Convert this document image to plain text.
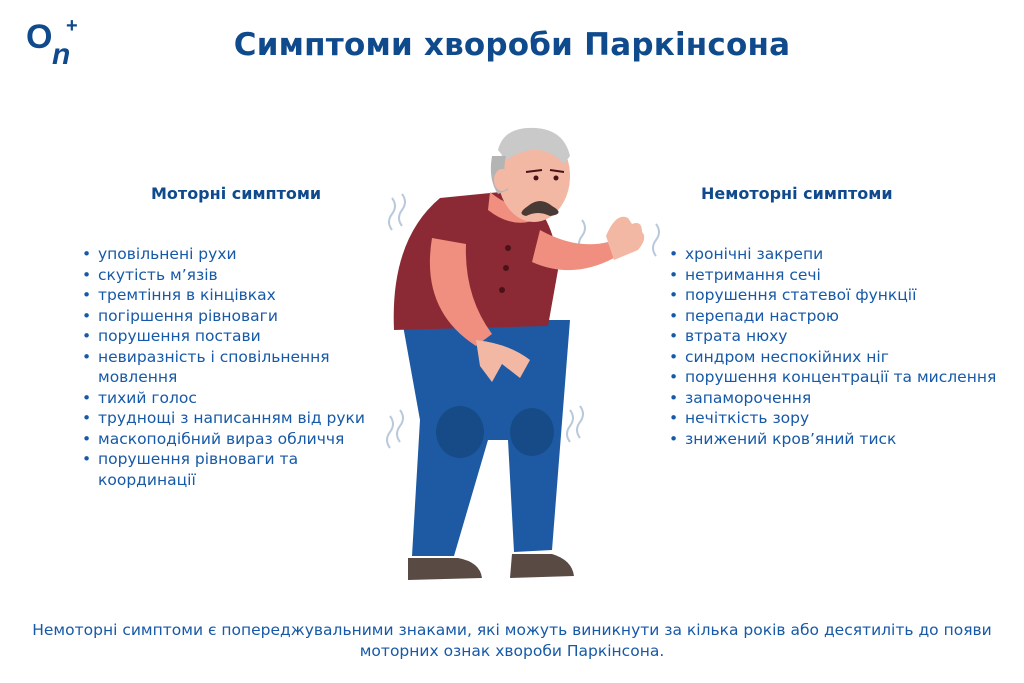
O n
+
Симптоми хвороби Паркінсона
Моторні симптоми	Немоторні симптоми
• уповільнені рухи
• скутість м’язів
• тремтіння в кінцівках
• погіршення рівноваги
• порушення постави
• невиразність і сповільнення мовлення
• тихий голос
• труднощі з написанням від руки
• маскоподібний вираз обличчя
• порушення рівноваги та координації
• хронічні закрепи
• нетримання сечі
• порушення статевої функції
• перепади настрою
• втрата нюху
• синдром неспокійних ніг
• порушення концентрації та мислення
• запаморочення
• нечіткість зору
• знижений кров’яний тиск
Немоторні симптоми є попереджувальними знаками, які можуть виникнути за кілька років або десятиліть до появи моторних ознак хвороби Паркінсона.
